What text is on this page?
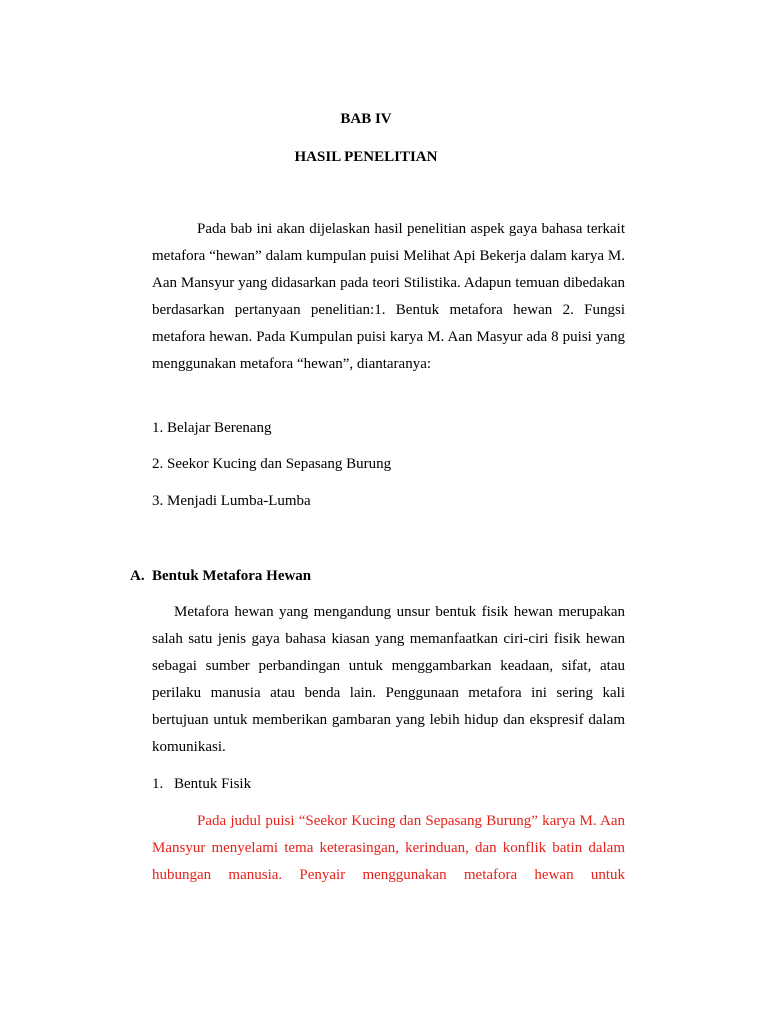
BAB IV
HASIL PENELITIAN
Pada bab ini akan dijelaskan hasil penelitian aspek gaya bahasa terkait
metafora “hewan” dalam kumpulan puisi Melihat Api Bekerja dalam karya M.
Aan Mansyur yang didasarkan pada teori Stilistika. Adapun temuan dibedakan
berdasarkan pertanyaan penelitian:1. Bentuk metafora hewan 2. Fungsi
metafora hewan. Pada Kumpulan puisi karya M. Aan Masyur ada 8 puisi yang
menggunakan metafora “hewan”, diantaranya:
1. Belajar Berenang
2. Seekor Kucing dan Sepasang Burung
3. Menjadi Lumba-Lumba
A. Bentuk Metafora Hewan
Metafora hewan yang mengandung unsur bentuk fisik hewan merupakan
salah satu jenis gaya bahasa kiasan yang memanfaatkan ciri-ciri fisik hewan
sebagai sumber perbandingan untuk menggambarkan keadaan, sifat, atau
perilaku manusia atau benda lain. Penggunaan metafora ini sering kali
bertujuan untuk memberikan gambaran yang lebih hidup dan ekspresif dalam
komunikasi.
1. Bentuk Fisik
Pada judul puisi “Seekor Kucing dan Sepasang Burung” karya M. Aan
Mansyur menyelami tema keterasingan, kerinduan, dan konflik batin dalam
hubungan manusia. Penyair menggunakan metafora hewan untuk
